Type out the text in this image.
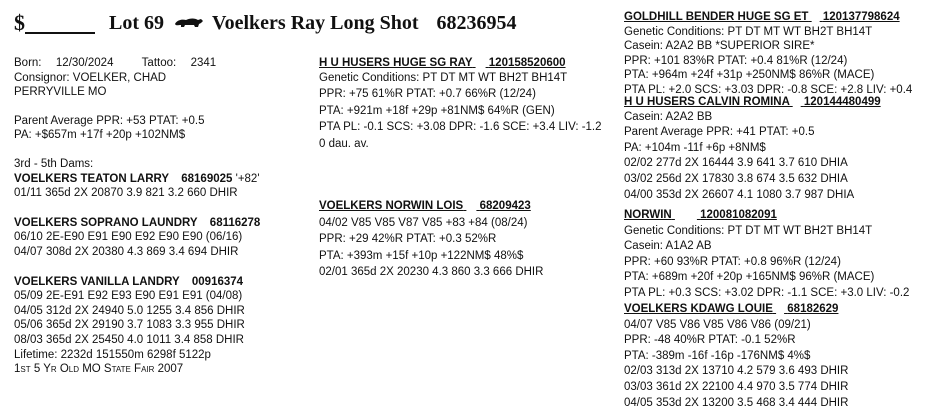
$	Lot 69 Voelkers Ray Long Shot 68236954
Born: 12/30/2024 Tattoo: 2341
Consignor: VOELKER, CHAD
PERRYVILLE MO
Parent Average PPR: +53 PTAT: +0.5
PA: +$657m +17f +20p +102NM$
3rd - 5th Dams:
VOELKERS TEATON LARRY 68169025 '+82'
01/11 365d 2X 20870 3.9 821 3.2 660 DHIR
VOELKERS SOPRANO LAUNDRY 68116278
06/10 2E-E90 E91 E90 E92 E90 E90 (06/16)
04/07 308d 2X 20380 4.3 869 3.4 694 DHIR
VOELKERS VANILLA LANDRY 00916374
05/09 2E-E91 E92 E93 E90 E91 E91 (04/08)
04/05 312d 2X 24940 5.0 1255 3.4 856 DHIR
05/06 365d 2X 29190 3.7 1083 3.3 955 DHIR
08/03 365d 2X 25450 4.0 1011 3.4 858 DHIR
Lifetime: 2232d 151550m 6298f 5122p
1st 5 Yr Old MO State Fair 2007
H U HUSERS HUGE SG RAY 120158520600
Genetic Conditions: PT DT MT WT BH2T BH14T
PPR: +75 61%R PTAT: +0.7 66%R (12/24)
PTA: +921m +18f +29p +81NM$ 64%R (GEN)
PTA PL: -0.1 SCS: +3.08 DPR: -1.6 SCE: +3.4 LIV: -1.2
0 dau. av.
VOELKERS NORWIN LOIS 68209423
04/02 V85 V85 V87 V85 +83 +84 (08/24)
PPR: +29 42%R PTAT: +0.3 52%R
PTA: +393m +15f +10p +122NM$ 48%$
02/01 365d 2X 20230 4.3 860 3.3 666 DHIR
GOLDHILL BENDER HUGE SG ET 120137798624
Genetic Conditions: PT DT MT WT BH2T BH14T
Casein: A2A2 BB *SUPERIOR SIRE*
PPR: +101 83%R PTAT: +0.4 81%R (12/24)
PTA: +964m +24f +31p +250NM$ 86%R (MACE)
PTA PL: +2.0 SCS: +3.03 DPR: -0.8 SCE: +2.8 LIV: +0.4
H U HUSERS CALVIN ROMINA 120144480499
Casein: A2A2 BB
Parent Average PPR: +41 PTAT: +0.5
PA: +104m -11f +6p +8NM$
02/02 277d 2X 16444 3.9 641 3.7 610 DHIA
03/02 256d 2X 17830 3.8 674 3.5 632 DHIA
04/00 353d 2X 26607 4.1 1080 3.7 987 DHIA
NORWIN 120081082091
Genetic Conditions: PT DT MT WT BH2T BH14T
Casein: A1A2 AB
PPR: +60 93%R PTAT: +0.8 96%R (12/24)
PTA: +689m +20f +20p +165NM$ 96%R (MACE)
PTA PL: +0.3 SCS: +3.02 DPR: -1.1 SCE: +3.0 LIV: -0.2
VOELKERS KDAWG LOUIE 68182629
04/07 V85 V86 V85 V86 V86 (09/21)
PPR: -48 40%R PTAT: -0.1 52%R
PTA: -389m -16f -16p -176NM$ 4%$
02/03 313d 2X 13710 4.2 579 3.6 493 DHIR
03/03 361d 2X 22100 4.4 970 3.5 774 DHIR
04/05 353d 2X 13200 3.5 468 3.4 444 DHIR
